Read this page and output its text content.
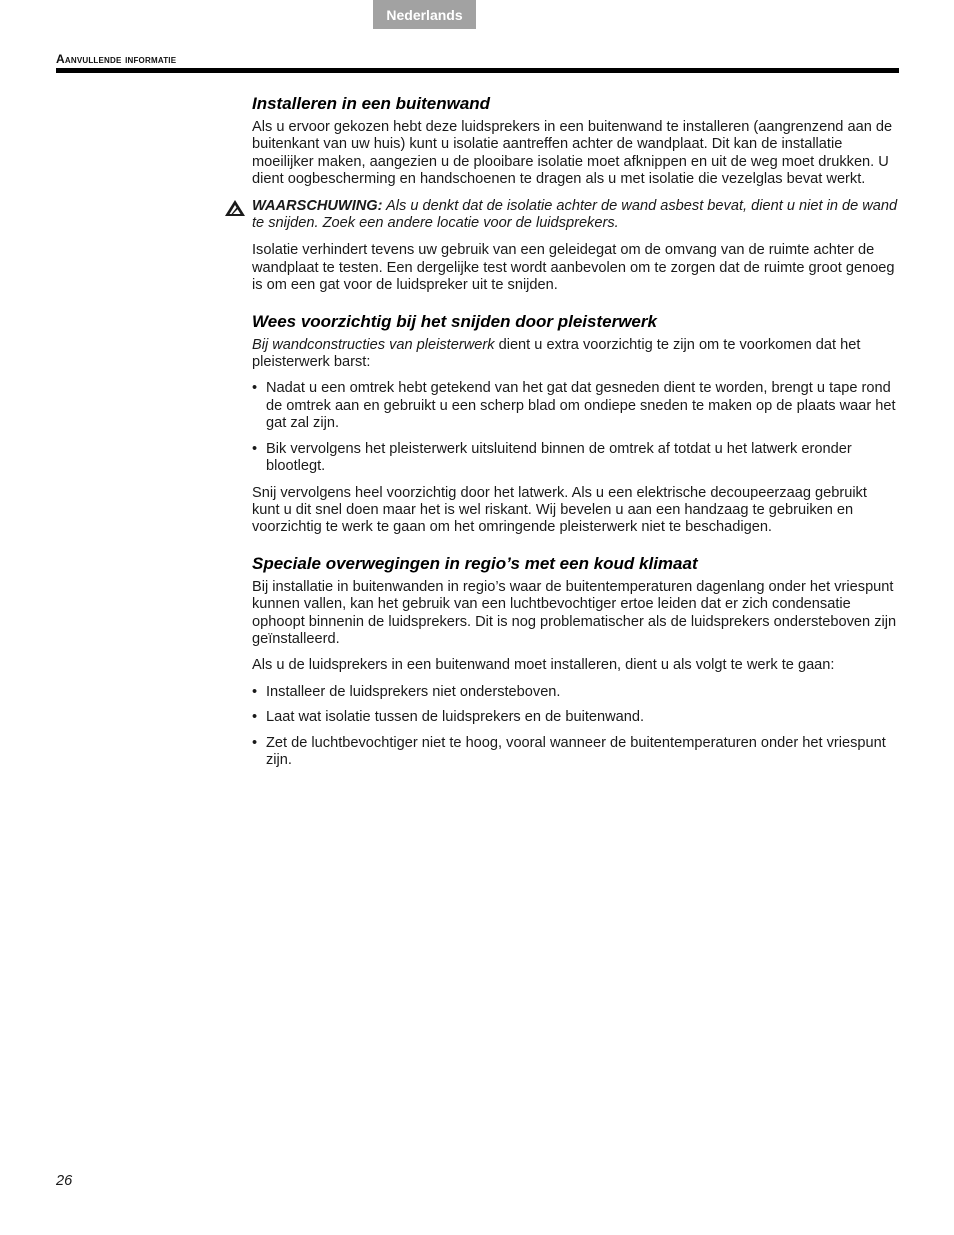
Nederlands
Aanvullende informatie
Installeren in een buitenwand

Als u ervoor gekozen hebt deze luidsprekers in een buitenwand te installeren (aangrenzend aan de buitenkant van uw huis) kunt u isolatie aantreffen achter de wandplaat. Dit kan de installatie moeilijker maken, aangezien u de plooibare isolatie moet afknippen en uit de weg moet drukken. U dient oogbescherming en handschoenen te dragen als u met isolatie die vezelglas bevat werkt.

WAARSCHUWING: Als u denkt dat de isolatie achter de wand asbest bevat, dient u niet in de wand te snijden. Zoek een andere locatie voor de luidsprekers.

Isolatie verhindert tevens uw gebruik van een geleidegat om de omvang van de ruimte achter de wandplaat te testen. Een dergelijke test wordt aanbevolen om te zorgen dat de ruimte groot genoeg is om een gat voor de luidspreker uit te snijden.

Wees voorzichtig bij het snijden door pleisterwerk

Bij wandconstructies van pleisterwerk dient u extra voorzichtig te zijn om te voorkomen dat het pleisterwerk barst:

• Nadat u een omtrek hebt getekend van het gat dat gesneden dient te worden, brengt u tape rond de omtrek aan en gebruikt u een scherp blad om ondiepe sneden te maken op de plaats waar het gat zal zijn.
• Bik vervolgens het pleisterwerk uitsluitend binnen de omtrek af totdat u het latwerk eronder blootlegt.

Snij vervolgens heel voorzichtig door het latwerk. Als u een elektrische decoupeerzaag gebruikt kunt u dit snel doen maar het is wel riskant. Wij bevelen u aan een handzaag te gebruiken en voorzichtig te werk te gaan om het omringende pleisterwerk niet te beschadigen.

Speciale overwegingen in regio’s met een koud klimaat

Bij installatie in buitenwanden in regio’s waar de buitentemperaturen dagenlang onder het vriespunt kunnen vallen, kan het gebruik van een luchtbevochtiger ertoe leiden dat er zich condensatie ophoopt binnenin de luidsprekers. Dit is nog problematischer als de luidsprekers ondersteboven zijn geïnstalleerd.

Als u de luidsprekers in een buitenwand moet installeren, dient u als volgt te werk te gaan:

• Installeer de luidsprekers niet ondersteboven.
• Laat wat isolatie tussen de luidsprekers en de buitenwand.
• Zet de luchtbevochtiger niet te hoog, vooral wanneer de buitentemperaturen onder het vriespunt zijn.
26
